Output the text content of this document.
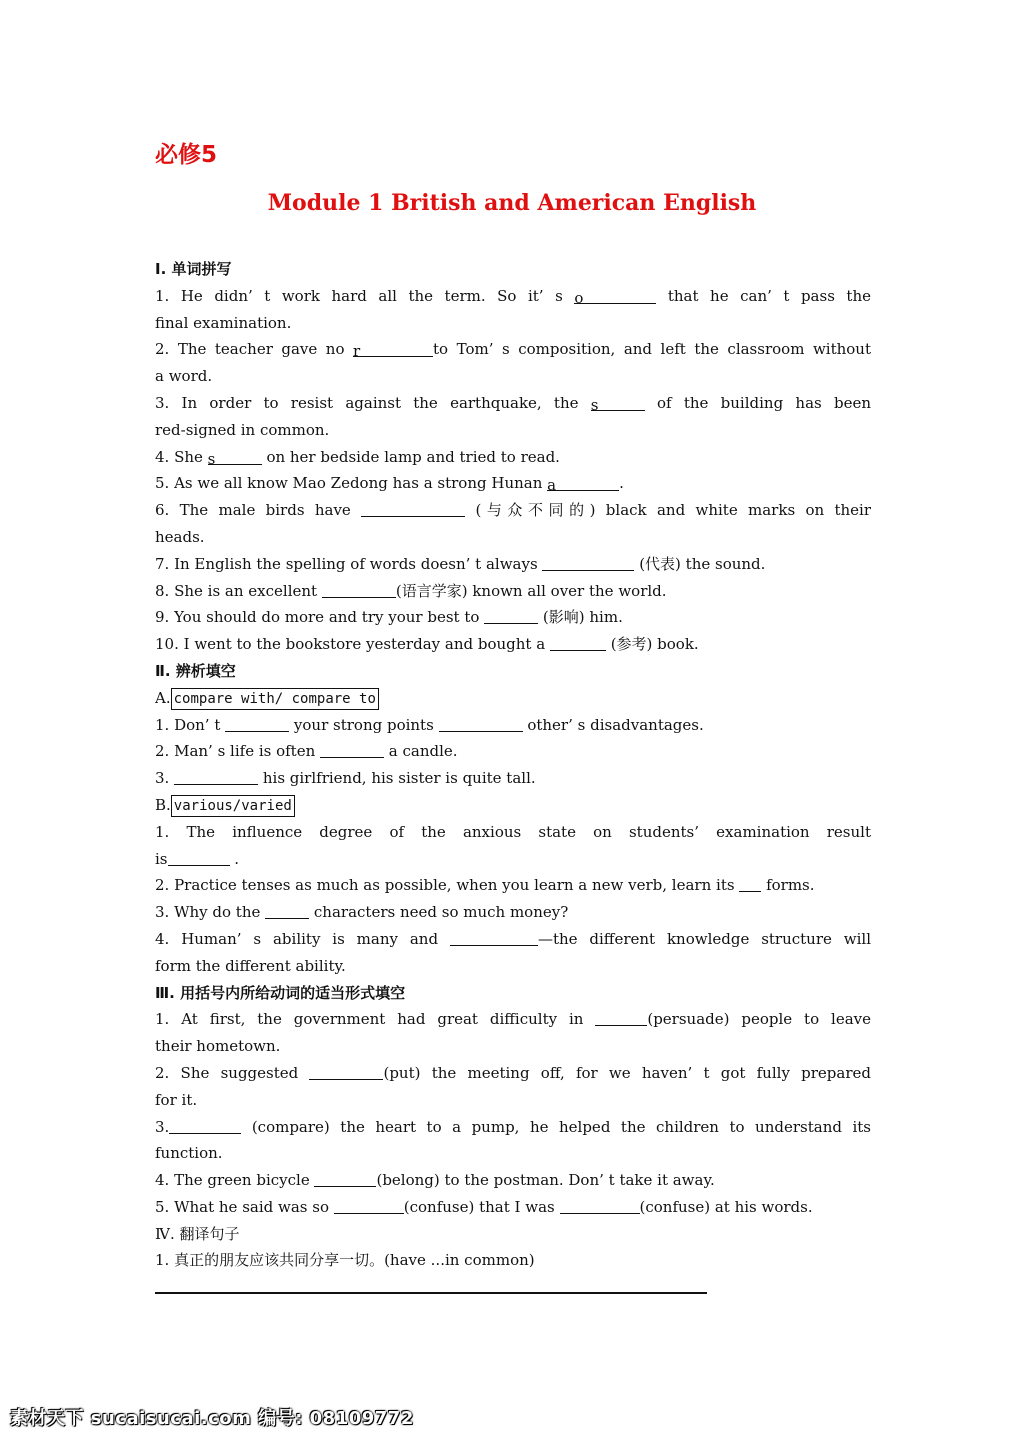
必修5
Module 1 British and American English
Ⅰ. 单词拼写
1. He didn’ t work hard all the term. So it’ s o	that he can’ t pass the
final examination.
2. The teacher gave no r	to Tom’ s composition, and left the classroom without
a word.
3. In order to resist against the earthquake, the s	of the building has been
red-signed in common.
4. She s	on her bedside lamp and tried to read.
5. As we all know Mao Zedong has a strong Hunan a	.
6. The male birds have	(与众不同的) black and white marks on their
heads.
7. In English the spelling of words doesn’ t always	(代表) the sound.
8. She is an excellent	(语言学家) known all over the world.
9. You should do more and try your best to	(影响) him.
10. I went to the bookstore yesterday and bought a	(参考) book.
Ⅱ. 辨析填空
A. compare with/ compare to
1. Don’ t	your strong points	other’ s disadvantages.
2. Man’ s life is often	a candle.
3.	his girlfriend, his sister is quite tall.
B. various/varied
1. The influence degree of the anxious state on students’ examination result
is	.
2. Practice tenses as much as possible, when you learn a new verb, learn its  forms.
3. Why do the	characters need so much money?
4. Human’ s ability is many and	—the different knowledge structure will
form the different ability.
Ⅲ. 用括号内所给动词的适当形式填空
1. At first, the government had great difficulty in	(persuade) people to leave
their hometown.
2. She suggested	(put) the meeting off, for we haven’ t got fully prepared
for it.
3.	(compare) the heart to a pump, he helped the children to understand its
function.
4. The green bicycle	(belong) to the postman. Don’ t take it away.
5. What he said was so	(confuse) that I was	(confuse) at his words.
Ⅳ. 翻译句子
1. 真正的朋友应该共同分享一切。(have ...in common)
素材天下 sucaisucai.com 编号: 08109772
